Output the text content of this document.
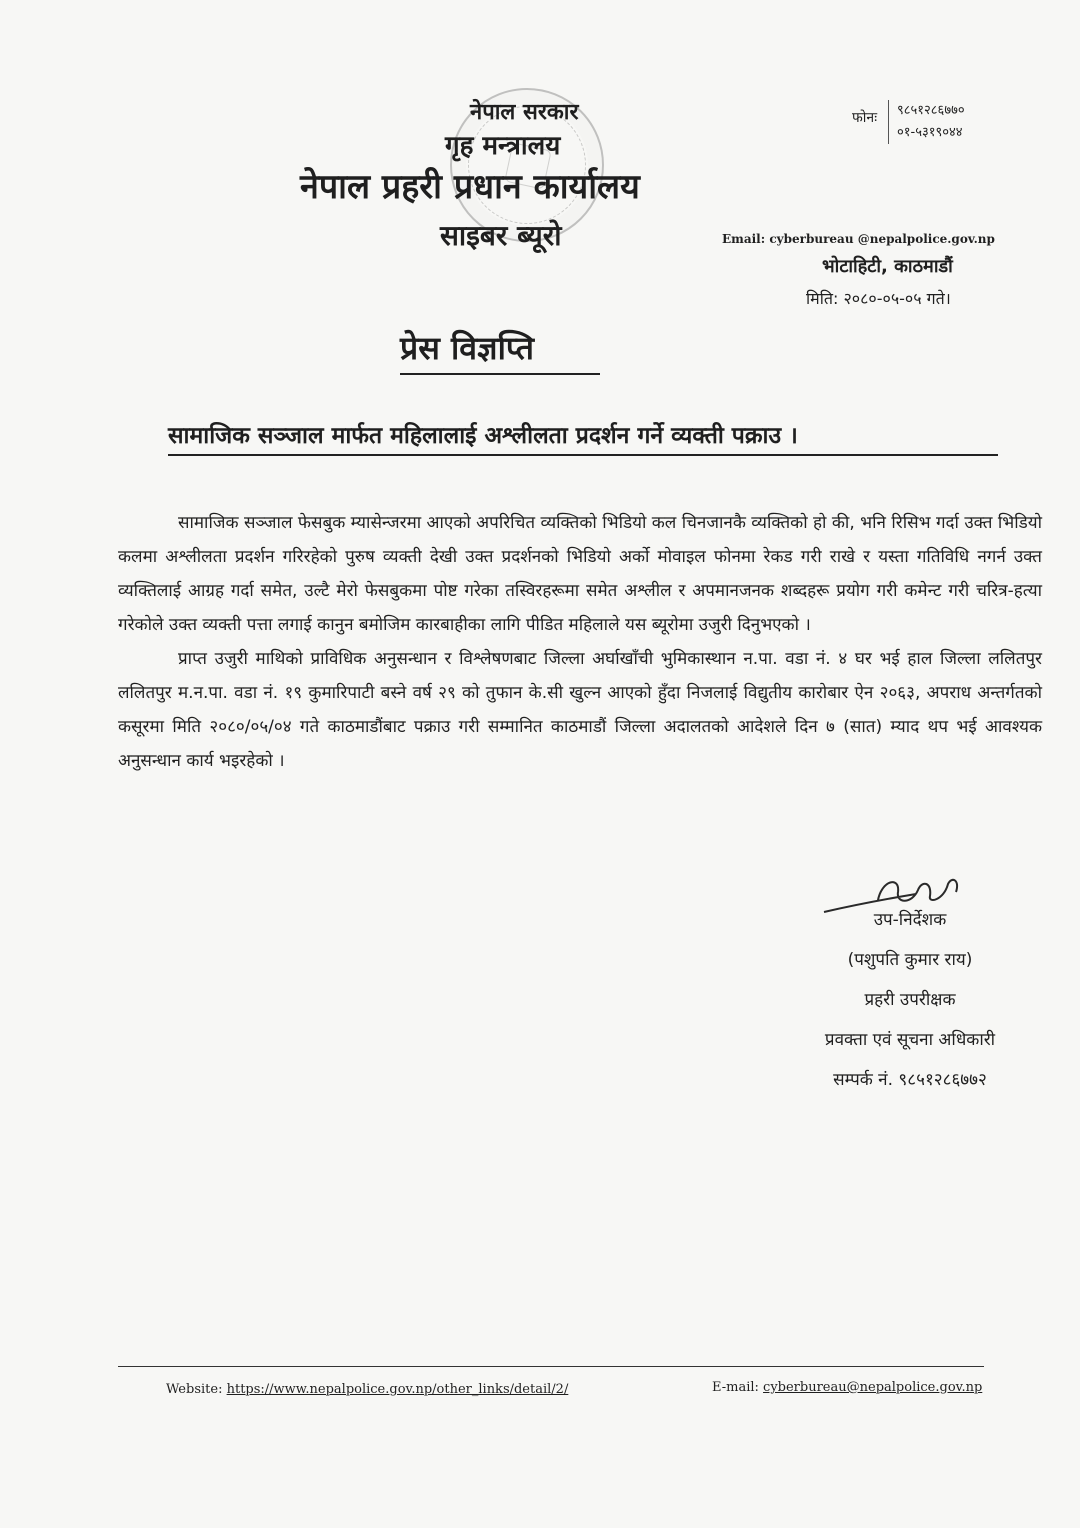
नेपाल सरकार
गृह मन्त्रालय
नेपाल प्रहरी प्रधान कार्यालय
साइबर ब्यूरो
फोनः ९८५१२८६७७०
०१-५३१९०४४
Email: cyberbureau @nepalpolice.gov.np
भोटाहिटी, काठमाडौं
मिति: २०८०-०५-०५ गते।
प्रेस विज्ञप्ति
सामाजिक सञ्जाल मार्फत महिलालाई अश्लीलता प्रदर्शन गर्ने व्यक्ती पक्राउ ।

सामाजिक सञ्जाल फेसबुक म्यासेन्जरमा आएको अपरिचित व्यक्तिको भिडियो कल चिनजानकै व्यक्तिको हो की, भनि रिसिभ गर्दा उक्त भिडियो कलमा अश्लीलता प्रदर्शन गरिरहेको पुरुष व्यक्ती देखी उक्त प्रदर्शनको भिडियो अर्को मोवाइल फोनमा रेकड गरी राखे र यस्ता गतिविधि नगर्न उक्त व्यक्तिलाई आग्रह गर्दा समेत, उल्टै मेरो फेसबुकमा पोष्ट गरेका तस्विरहरूमा समेत अश्लील र अपमानजनक शब्दहरू प्रयोग गरी कमेन्ट गरी चरित्र-हत्या गरेकोले उक्त व्यक्ती पत्ता लगाई कानुन बमोजिम कारबाहीका लागि पीडित महिलाले यस ब्यूरोमा उजुरी दिनुभएको ।

प्राप्त उजुरी माथिको प्राविधिक अनुसन्धान र विश्लेषणबाट जिल्ला अर्घाखाँची भुमिकास्थान न.पा. वडा नं. ४ घर भई हाल जिल्ला ललितपुर ललितपुर म.न.पा. वडा नं. १९ कुमारिपाटी बस्ने वर्ष २९ को तुफान के.सी खुल्न आएको हुँदा निजलाई विद्युतीय कारोबार ऐन २०६३, अपराध अन्तर्गतको कसूरमा मिति २०८०/०५/०४ गते काठमाडौंबाट पक्राउ गरी सम्मानित काठमाडौं जिल्ला अदालतको आदेशले दिन ७ (सात) म्याद थप भई आवश्यक अनुसन्धान कार्य भइरहेको ।

उप-निर्देशक
(पशुपति कुमार राय)
प्रहरी उपरीक्षक
प्रवक्ता एवं सूचना अधिकारी
सम्पर्क नं. ९८५१२८६७७२
Website: https://www.nepalpolice.gov.np/other_links/detail/2/	E-mail: cyberbureau@nepalpolice.gov.np
